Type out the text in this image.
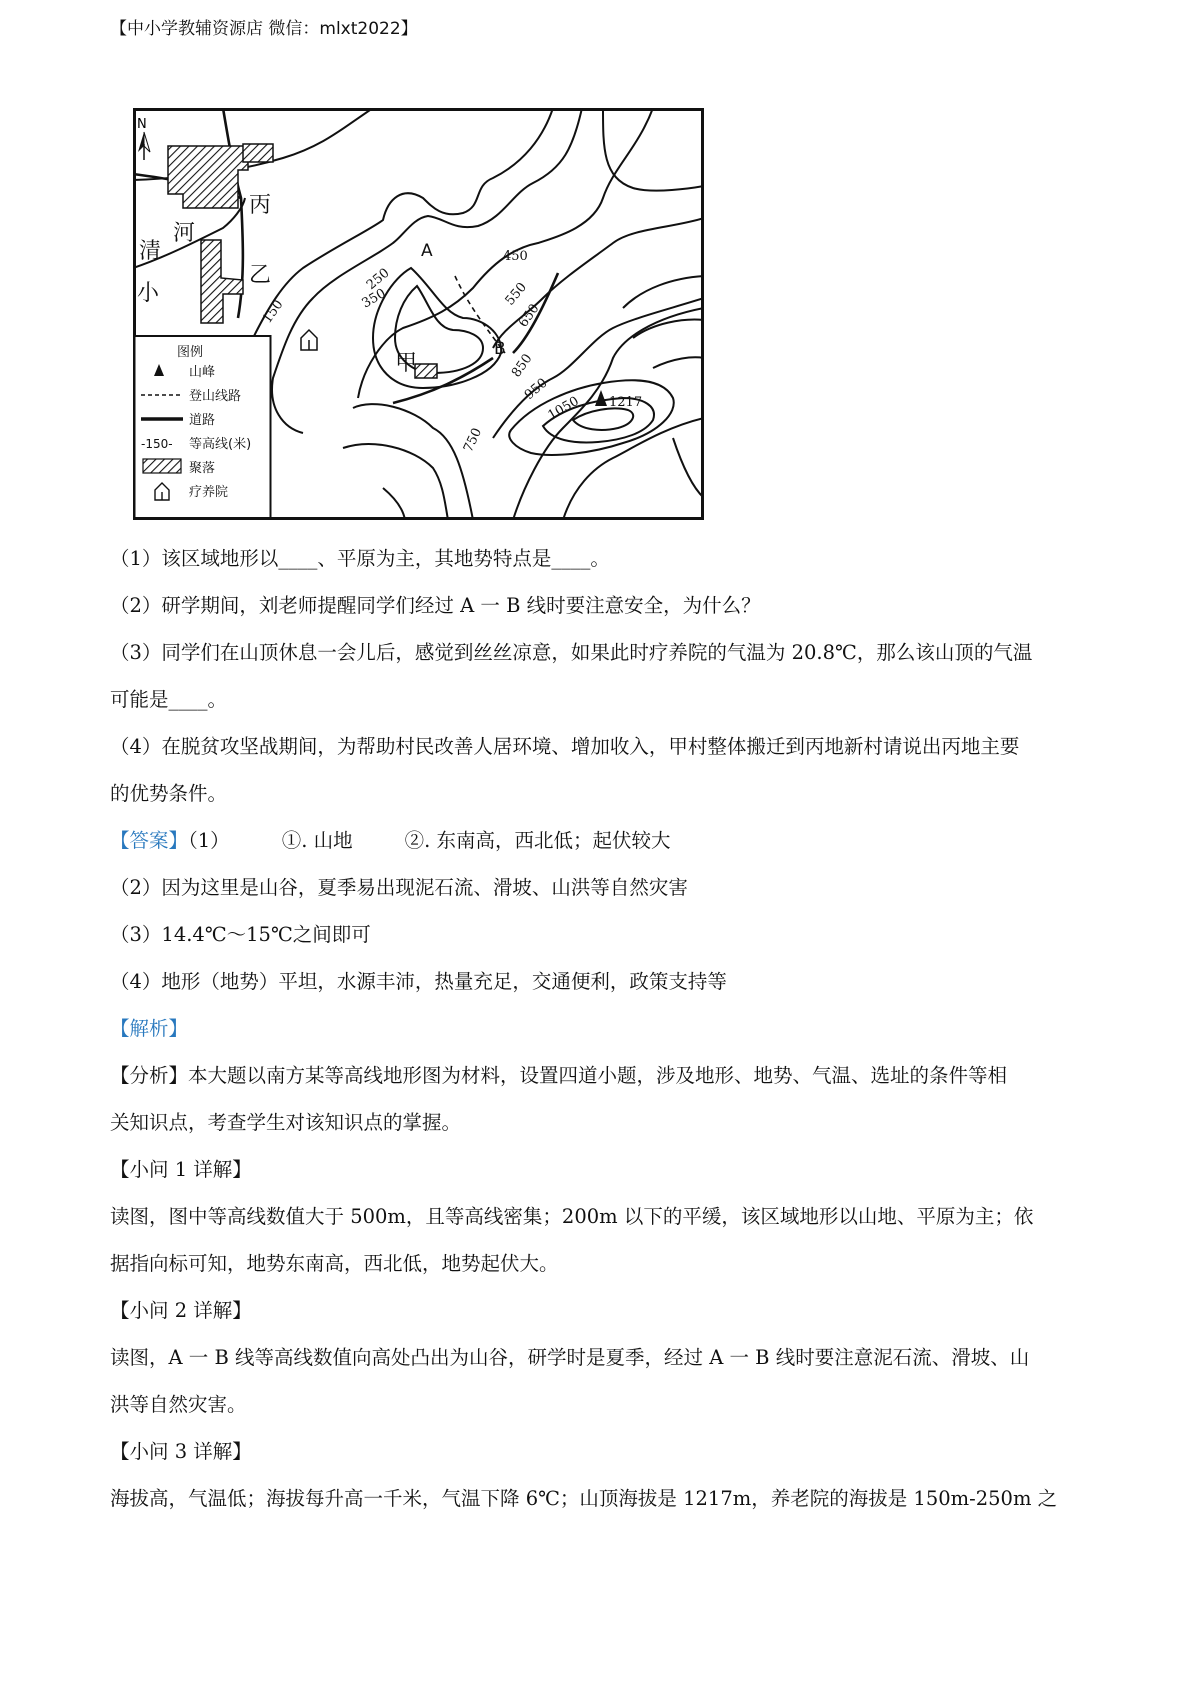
【中小学教辅资源店 微信：mlxt2022】
N
丙
乙
甲
清
河
小
A
B
150
250
350
450
550
650
750
850
950
1050 1217
图例
山峰
登山线路
道路
等高线(米)
聚落
疗养院
-150-

（1）该区域地形以____、平原为主，其地势特点是____。

（2）研学期间，刘老师提醒同学们经过 A 一 B 线时要注意安全，为什么？

（3）同学们在山顶休息一会儿后，感觉到丝丝凉意，如果此时疗养院的气温为 20.8℃，那么该山顶的气温

可能是____。

（4）在脱贫攻坚战期间，为帮助村民改善人居环境、增加收入，甲村整体搬迁到丙地新村请说出丙地主要

的优势条件。

【答案】（1）	①. 山地	②. 东南高，西北低；起伏较大

（2）因为这里是山谷，夏季易出现泥石流、滑坡、山洪等自然灾害

（3）14.4℃～15℃之间即可

（4）地形（地势）平坦，水源丰沛，热量充足，交通便利，政策支持等

【解析】

【分析】本大题以南方某等高线地形图为材料，设置四道小题，涉及地形、地势、气温、选址的条件等相

关知识点，考查学生对该知识点的掌握。

【小问 1 详解】

读图，图中等高线数值大于 500m，且等高线密集；200m 以下的平缓，该区域地形以山地、平原为主；依

据指向标可知，地势东南高，西北低，地势起伏大。

【小问 2 详解】

读图，A 一 B 线等高线数值向高处凸出为山谷，研学时是夏季，经过 A 一 B 线时要注意泥石流、滑坡、山

洪等自然灾害。

【小问 3 详解】

海拔高，气温低；海拔每升高一千米，气温下降 6℃；山顶海拔是 1217m，养老院的海拔是 150m-250m 之
